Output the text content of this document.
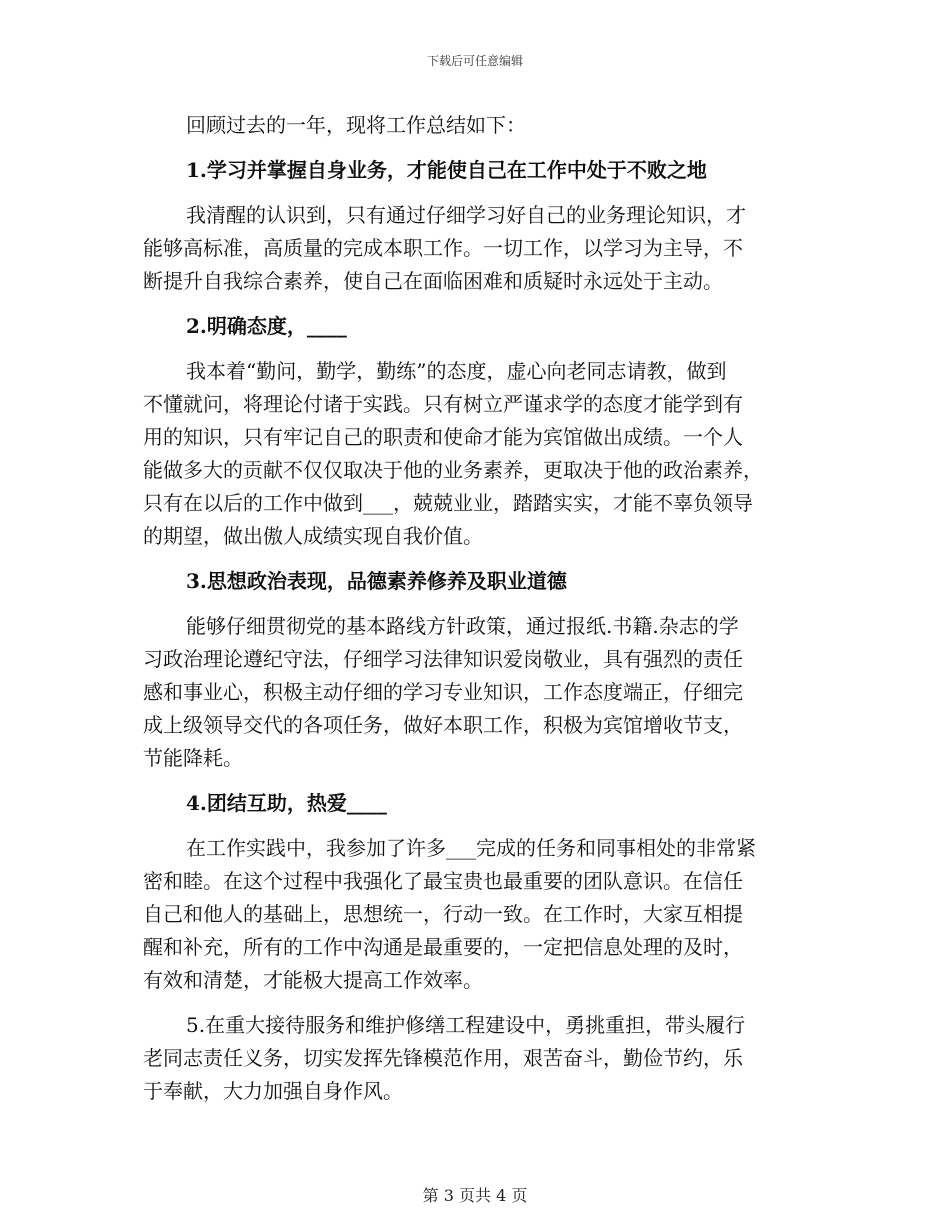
下载后可任意编辑
回顾过去的一年，现将工作总结如下：
1.学习并掌握自身业务，才能使自己在工作中处于不败之地
我清醒的认识到，只有通过仔细学习好自己的业务理论知识，才
能够高标准，高质量的完成本职工作。一切工作，以学习为主导，不
断提升自我综合素养，使自己在面临困难和质疑时永远处于主动。
2.明确态度，____
我本着“勤问，勤学，勤练”的态度，虚心向老同志请教，做到
不懂就问，将理论付诸于实践。只有树立严谨求学的态度才能学到有
用的知识，只有牢记自己的职责和使命才能为宾馆做出成绩。一个人
能做多大的贡献不仅仅取决于他的业务素养，更取决于他的政治素养，
只有在以后的工作中做到___，兢兢业业，踏踏实实，才能不辜负领导
的期望，做出傲人成绩实现自我价值。
3.思想政治表现，品德素养修养及职业道德
能够仔细贯彻党的基本路线方针政策，通过报纸.书籍.杂志的学
习政治理论遵纪守法，仔细学习法律知识爱岗敬业，具有强烈的责任
感和事业心，积极主动仔细的学习专业知识，工作态度端正，仔细完
成上级领导交代的各项任务，做好本职工作，积极为宾馆增收节支，
节能降耗。
4.团结互助，热爱____
在工作实践中，我参加了许多___完成的任务和同事相处的非常紧
密和睦。在这个过程中我强化了最宝贵也最重要的团队意识。在信任
自己和他人的基础上，思想统一，行动一致。在工作时，大家互相提
醒和补充，所有的工作中沟通是最重要的，一定把信息处理的及时，
有效和清楚，才能极大提高工作效率。
5.在重大接待服务和维护修缮工程建设中，勇挑重担，带头履行
老同志责任义务，切实发挥先锋模范作用，艰苦奋斗，勤俭节约，乐
于奉献，大力加强自身作风。
第 3 页共 4 页
